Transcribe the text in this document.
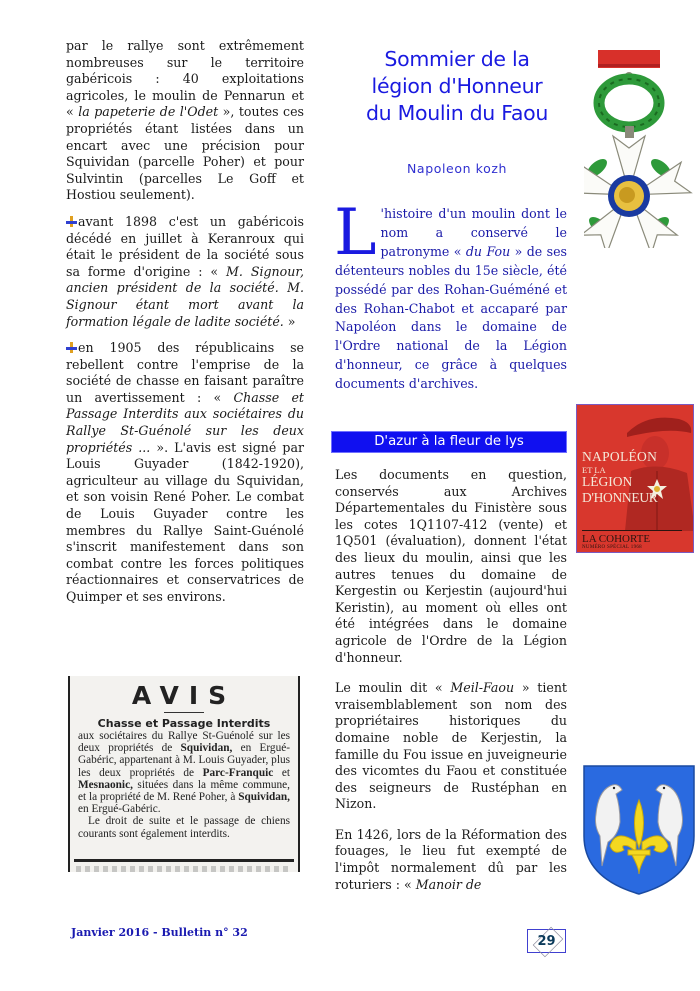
par le rallye sont extrêmement nombreuses sur le territoire gabéricois : 40 exploitations agricoles, le moulin de Pennarun et « la papeterie de l'Odet », toutes ces propriétés étant listées dans un encart avec une précision pour Squividan (parcelle Poher) et pour Sulvintin (parcelles Le Goff et Hostiou seulement).

avant 1898 c'est un gabéricois décédé en juillet à Keranroux qui était le président de la société sous sa forme d'origine : « M. Signour, ancien président de la société. M. Signour étant mort avant la formation légale de ladite société. »

en 1905 des républicains se rebellent contre l'emprise de la société de chasse en faisant paraître un avertissement : « Chasse et Passage Interdits aux sociétaires du Rallye St-Guénolé sur les deux propriétés ... ». L'avis est signé par Louis Guyader (1842-1920), agriculteur au village du Squividan, et son voisin René Poher. Le combat de Louis Guyader contre les membres du Rallye Saint-Guénolé s'inscrit manifestement dans son combat contre les forces politiques réactionnaires et conservatrices de Quimper et ses environs.

AVIS
Chasse et Passage Interdits
aux sociétaires du Rallye St-Guénolé sur les deux propriétés de Squividan, en Ergué-Gabéric, appartenant à M. Louis Guyader, plus les deux propriétés de Parc-Franquic et Mesnaonic, situées dans la même commune, et la propriété de M. René Poher, à Squividan, en Ergué-Gabéric.
Le droit de suite et le passage de chiens courants sont également interdits.
Sommier de la
légion d'Honneur
du Moulin du Faou
Napoleon kozh
L 'histoire d'un moulin dont le nom a conservé le patronyme « du Fou » de ses détenteurs nobles du 15e siècle, été possédé par des Rohan-Guéméné et des Rohan-Chabot et accaparé par Napoléon dans le domaine de l'Ordre national de la Légion d'honneur, ce grâce à quelques documents d'archives.
D'azur à la fleur de lys

Les documents en question, conservés aux Archives Départementales du Finistère sous les cotes 1Q1107-412 (vente) et 1Q501 (évaluation), donnent l'état des lieux du moulin, ainsi que les autres tenues du domaine de Kergestin ou Kerjestin (aujourd'hui Keristin), au moment où elles ont été intégrées dans le domaine agricole de l'Ordre de la Légion d'honneur.

Le moulin dit « Meil-Faou » tient vraisemblablement son nom des propriétaires historiques du domaine noble de Kerjestin, la famille du Fou issue en juveigneurie des vicomtes du Faou et constituée des seigneurs de Rustéphan en Nizon.

En 1426, lors de la Réformation des fouages, le lieu fut exempté de l'impôt normalement dû par les roturiers : « Manoir de

NAPOLÉON
ET LA
LÉGION
D'HONNEUR
LA COHORTE
NUMÉRO SPÉCIAL 1968
Janvier 2016 - Bulletin n° 32
29
